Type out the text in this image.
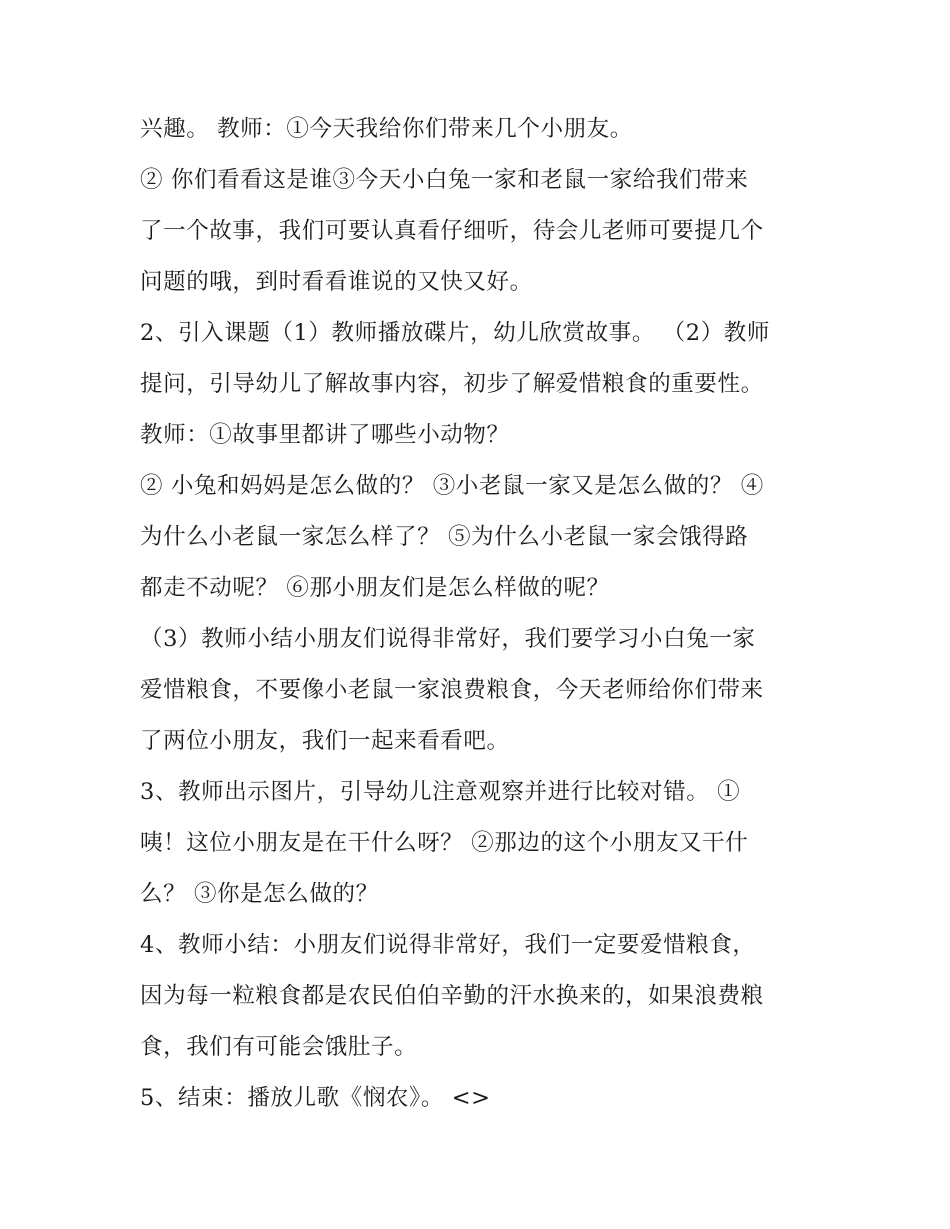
兴趣。 教师：①今天我给你们带来几个小朋友。
② 你们看看这是谁③今天小白兔一家和老鼠一家给我们带来
了一个故事，我们可要认真看仔细听，待会儿老师可要提几个
问题的哦，到时看看谁说的又快又好。
2、引入课题（1）教师播放碟片，幼儿欣赏故事。 （2）教师
提问，引导幼儿了解故事内容，初步了解爱惜粮食的重要性。
教师：①故事里都讲了哪些小动物？
② 小兔和妈妈是怎么做的？ ③小老鼠一家又是怎么做的？ ④
为什么小老鼠一家怎么样了？ ⑤为什么小老鼠一家会饿得路
都走不动呢？ ⑥那小朋友们是怎么样做的呢？
（3）教师小结小朋友们说得非常好，我们要学习小白兔一家
爱惜粮食，不要像小老鼠一家浪费粮食，今天老师给你们带来
了两位小朋友，我们一起来看看吧。
3、教师出示图片，引导幼儿注意观察并进行比较对错。 ①
咦！这位小朋友是在干什么呀？ ②那边的这个小朋友又干什
么？ ③你是怎么做的？
4、教师小结：小朋友们说得非常好，我们一定要爱惜粮食，
因为每一粒粮食都是农民伯伯辛勤的汗水换来的，如果浪费粮
食，我们有可能会饿肚子。
5、结束：播放儿歌《悯农》。 <>
